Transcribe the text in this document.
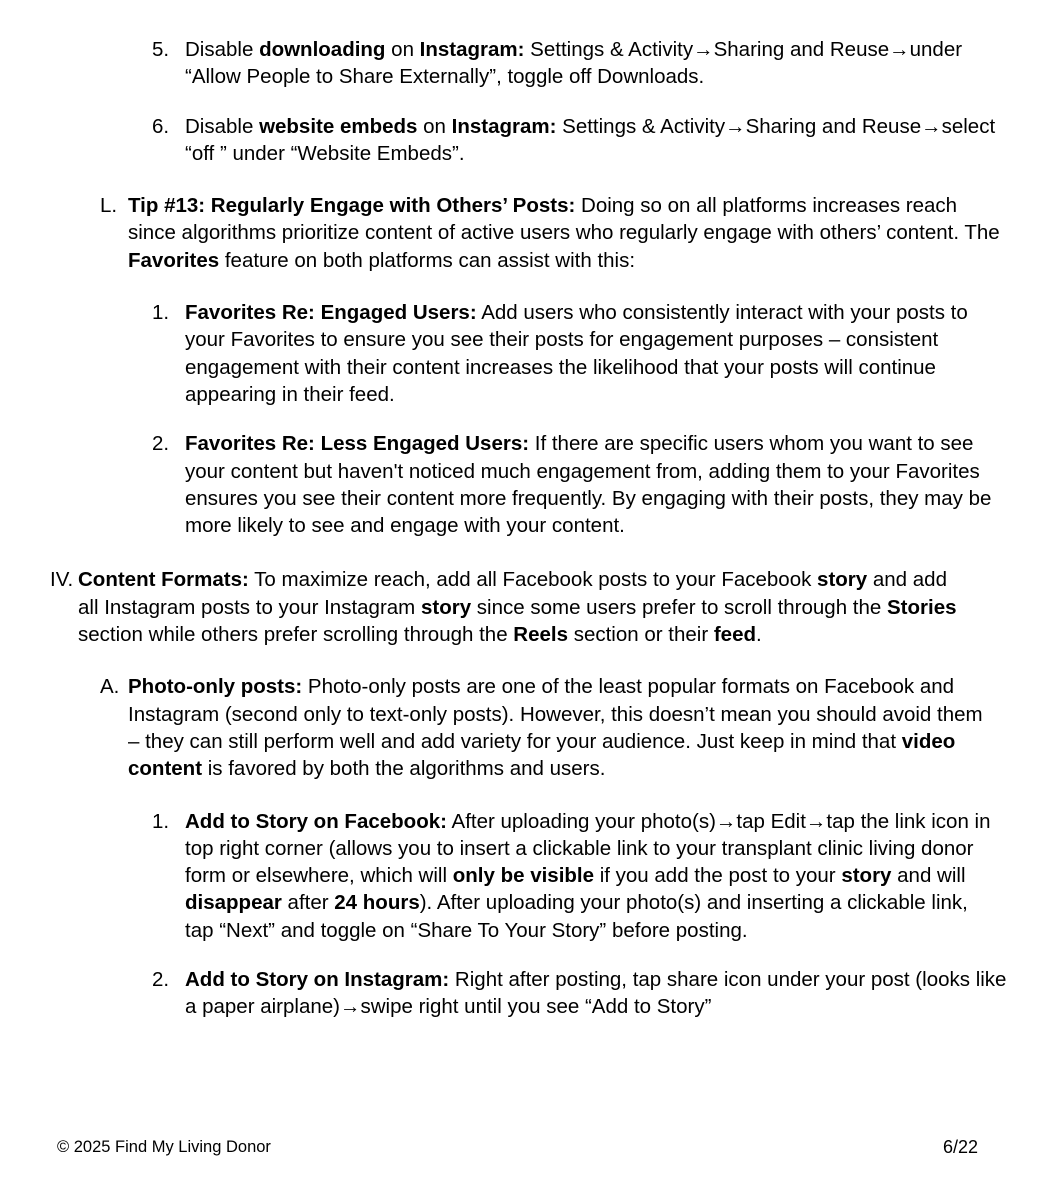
5. Disable downloading on Instagram: Settings & Activity→Sharing and Reuse→under “Allow People to Share Externally”, toggle off Downloads.
6. Disable website embeds on Instagram: Settings & Activity→Sharing and Reuse→select “off ” under “Website Embeds”.
L. Tip #13: Regularly Engage with Others’ Posts: Doing so on all platforms increases reach since algorithms prioritize content of active users who regularly engage with others’ content. The Favorites feature on both platforms can assist with this:
1. Favorites Re: Engaged Users: Add users who consistently interact with your posts to your Favorites to ensure you see their posts for engagement purposes – consistent engagement with their content increases the likelihood that your posts will continue appearing in their feed.
2. Favorites Re: Less Engaged Users: If there are specific users whom you want to see your content but haven't noticed much engagement from, adding them to your Favorites ensures you see their content more frequently. By engaging with their posts, they may be more likely to see and engage with your content.
IV. Content Formats: To maximize reach, add all Facebook posts to your Facebook story and add all Instagram posts to your Instagram story since some users prefer to scroll through the Stories section while others prefer scrolling through the Reels section or their feed.
A. Photo-only posts: Photo-only posts are one of the least popular formats on Facebook and Instagram (second only to text-only posts). However, this doesn’t mean you should avoid them – they can still perform well and add variety for your audience. Just keep in mind that video content is favored by both the algorithms and users.
1. Add to Story on Facebook: After uploading your photo(s)→tap Edit→tap the link icon in top right corner (allows you to insert a clickable link to your transplant clinic living donor form or elsewhere, which will only be visible if you add the post to your story and will disappear after 24 hours). After uploading your photo(s) and inserting a clickable link, tap “Next” and toggle on “Share To Your Story” before posting.
2. Add to Story on Instagram: Right after posting, tap share icon under your post (looks like a paper airplane)→swipe right until you see “Add to Story”
© 2025 Find My Living Donor	6/22
